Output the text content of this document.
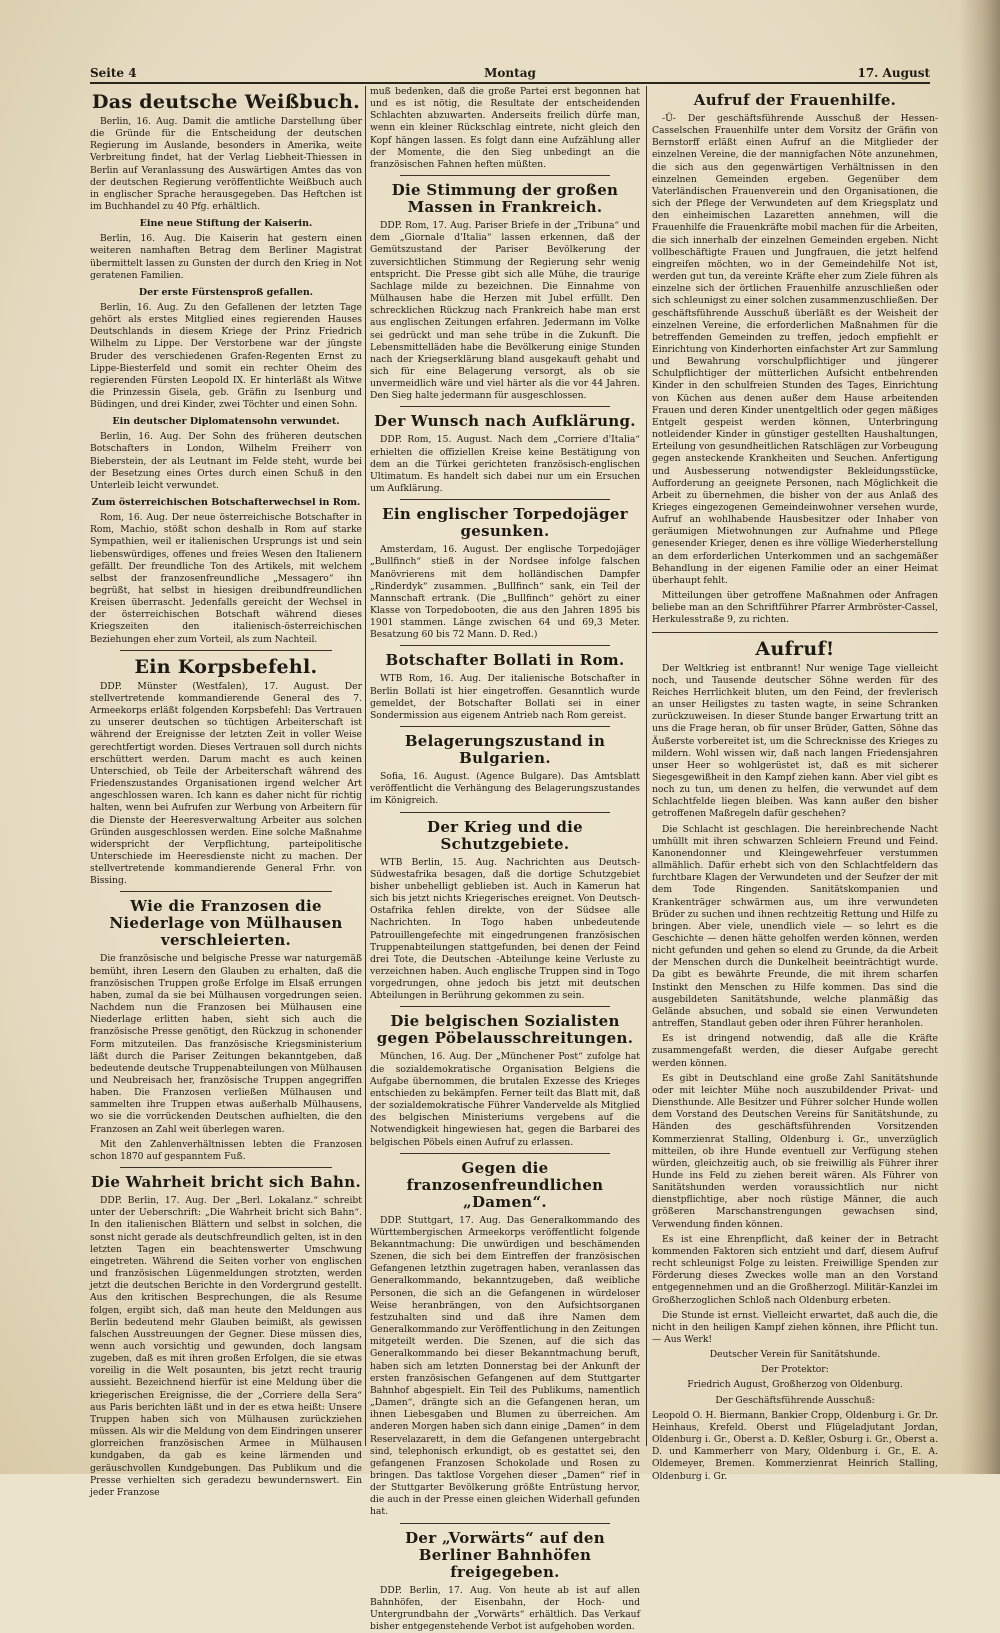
Seite 4	Montag	17. August
Das deutsche Weißbuch.

Berlin, 16. Aug. Damit die amtliche Darstellung über die Gründe für die Entscheidung der deutschen Regierung im Auslande, besonders in Amerika, weite Verbreitung findet, hat der Verlag Liebheit-Thiessen in Berlin auf Veranlassung des Auswärtigen Amtes das von der deutschen Regierung veröffentlichte Weißbuch auch in englischer Sprache herausgegeben. Das Heftchen ist im Buchhandel zu 40 Pfg. erhältlich.

Eine neue Stiftung der Kaiserin.

Berlin, 16. Aug. Die Kaiserin hat gestern einen weiteren namhaften Betrag dem Berliner Magistrat übermittelt lassen zu Gunsten der durch den Krieg in Not geratenen Familien.

Der erste Fürstensproß gefallen.

Berlin, 16. Aug. Zu den Gefallenen der letzten Tage gehört als erstes Mitglied eines regierenden Hauses Deutschlands in diesem Kriege der Prinz Friedrich Wilhelm zu Lippe. Der Verstorbene war der jüngste Bruder des verschiedenen Grafen-Regenten Ernst zu Lippe-Biesterfeld und somit ein rechter Oheim des regierenden Fürsten Leopold IX. Er hinterläßt als Witwe die Prinzessin Gisela, geb. Gräfin zu Isenburg und Büdingen, und drei Kinder, zwei Töchter und einen Sohn.

Ein deutscher Diplomatensohn verwundet.

Berlin, 16. Aug. Der Sohn des früheren deutschen Botschafters in London, Wilhelm Freiherr von Bieberstein, der als Leutnant im Felde steht, wurde bei der Besetzung eines Ortes durch einen Schuß in den Unterleib leicht verwundet.

Zum österreichischen Botschafterwechsel in Rom.

Rom, 16. Aug. Der neue österreichische Botschafter in Rom, Machio, stößt schon deshalb in Rom auf starke Sympathien, weil er italienischen Ursprungs ist und sein liebenswürdiges, offenes und freies Wesen den Italienern gefällt. Der freundliche Ton des Artikels, mit welchem selbst der franzosenfreundliche „Messagero“ ihn begrüßt, hat selbst in hiesigen dreibundfreundlichen Kreisen überrascht. Jedenfalls gereicht der Wechsel in der österreichischen Botschaft während dieses Kriegszeiten den italienisch-österreichischen Beziehungen eher zum Vorteil, als zum Nachteil.

Ein Korpsbefehl.

DDP. Münster (Westfalen), 17. August. Der stellvertretende kommandierende General des 7. Armeekorps erläßt folgenden Korpsbefehl: Das Vertrauen zu unserer deutschen so tüchtigen Arbeiterschaft ist während der Ereignisse der letzten Zeit in voller Weise gerechtfertigt worden. Dieses Vertrauen soll durch nichts erschüttert werden. Darum macht es auch keinen Unterschied, ob Teile der Arbeiterschaft während des Friedenszustandes Organisationen irgend welcher Art angeschlossen waren. Ich kann es daher nicht für richtig halten, wenn bei Aufrufen zur Werbung von Arbeitern für die Dienste der Heeresverwaltung Arbeiter aus solchen Gründen ausgeschlossen werden. Eine solche Maßnahme widerspricht der Verpflichtung, parteipolitische Unterschiede im Heeresdienste nicht zu machen. Der stellvertretende kommandierende General Frhr. von Bissing.

Wie die Franzosen die Niederlage von Mülhausen verschleierten.

Die französische und belgische Presse war naturgemäß bemüht, ihren Lesern den Glauben zu erhalten, daß die französischen Truppen große Erfolge im Elsaß errungen haben, zumal da sie bei Mülhausen vorgedrungen seien. Nachdem nun die Franzosen bei Mülhausen eine Niederlage erlitten haben, sieht sich auch die französische Presse genötigt, den Rückzug in schonender Form mitzuteilen. Das französische Kriegsministerium läßt durch die Pariser Zeitungen bekanntgeben, daß bedeutende deutsche Truppenabteilungen von Mülhausen und Neubreisach her, französische Truppen angegriffen haben. Die Franzosen verließen Mülhausen und sammelten ihre Truppen etwas außerhalb Mülhausens, wo sie die vorrückenden Deutschen aufhielten, die den Franzosen an Zahl weit überlegen waren.

Mit den Zahlenverhältnissen lebten die Franzosen schon 1870 auf gespanntem Fuß.

Die Wahrheit bricht sich Bahn.

DDP. Berlin, 17. Aug. Der „Berl. Lokalanz.“ schreibt unter der Ueberschrift: „Die Wahrheit bricht sich Bahn“. In den italienischen Blättern und selbst in solchen, die sonst nicht gerade als deutschfreundlich gelten, ist in den letzten Tagen ein beachtenswerter Umschwung eingetreten. Während die Seiten vorher von englischen und französischen Lügenmeldungen strotzten, werden jetzt die deutschen Berichte in den Vordergrund gestellt. Aus den kritischen Besprechungen, die als Resume folgen, ergibt sich, daß man heute den Meldungen aus Berlin bedeutend mehr Glauben beimißt, als gewissen falschen Ausstreuungen der Gegner. Diese müssen dies, wenn auch vorsichtig und gewunden, doch langsam zugeben, daß es mit ihren großen Erfolgen, die sie etwas voreilig in die Welt posaunten, bis jetzt recht traurig aussieht. Bezeichnend hierfür ist eine Meldung über die kriegerischen Ereignisse, die der „Corriere della Sera“ aus Paris berichten läßt und in der es etwa heißt: Unsere Truppen haben sich von Mülhausen zurückziehen müssen. Als wir die Meldung von dem Eindringen unserer glorreichen französischen Armee in Mülhausen kundgaben, da gab es keine lärmenden und geräuschvollen Kundgebungen. Das Publikum und die Presse verhielten sich geradezu bewundernswert. Ein jeder Franzose

muß bedenken, daß die große Partei erst begonnen hat und es ist nötig, die Resultate der entscheidenden Schlachten abzuwarten. Anderseits freilich dürfe man, wenn ein kleiner Rückschlag eintrete, nicht gleich den Kopf hängen lassen. Es folgt dann eine Aufzählung aller der Momente, die den Sieg unbedingt an die französischen Fahnen heften müßten.

Die Stimmung der großen Massen in Frankreich.

DDP. Rom, 17. Aug. Pariser Briefe in der „Tribuna“ und dem „Giornale d'Italia“ lassen erkennen, daß der Gemütszustand der Pariser Bevölkerung der zuversichtlichen Stimmung der Regierung sehr wenig entspricht. Die Presse gibt sich alle Mühe, die traurige Sachlage milde zu bezeichnen. Die Einnahme von Mülhausen habe die Herzen mit Jubel erfüllt. Den schrecklichen Rückzug nach Frankreich habe man erst aus englischen Zeitungen erfahren. Jedermann im Volke sei gedrückt und man sehe trübe in die Zukunft. Die Lebensmittelläden habe die Bevölkerung einige Stunden nach der Kriegserklärung bland ausgekauft gehabt und sich für eine Belagerung versorgt, als ob sie unvermeidlich wäre und viel härter als die vor 44 Jahren. Den Sieg halte jedermann für ausgeschlossen.

Der Wunsch nach Aufklärung.

DDP. Rom, 15. August. Nach dem „Corriere d'Italia“ erhielten die offiziellen Kreise keine Bestätigung von dem an die Türkei gerichteten französisch-englischen Ultimatum. Es handelt sich dabei nur um ein Ersuchen um Aufklärung.

Ein englischer Torpedojäger gesunken.

Amsterdam, 16. August. Der englische Torpedojäger „Bullfinch“ stieß in der Nordsee infolge falschen Manövrierens mit dem holländischen Dampfer „Rinderdyk“ zusammen. „Bullfinch“ sank, ein Teil der Mannschaft ertrank. (Die „Bullfinch“ gehört zu einer Klasse von Torpedobooten, die aus den Jahren 1895 bis 1901 stammen. Länge zwischen 64 und 69,3 Meter. Besatzung 60 bis 72 Mann. D. Red.)

Botschafter Bollati in Rom.

WTB Rom, 16. Aug. Der italienische Botschafter in Berlin Bollati ist hier eingetroffen. Gesanntlich wurde gemeldet, der Botschafter Bollati sei in einer Sondermission aus eigenem Antrieb nach Rom gereist.

Belagerungszustand in Bulgarien.

Sofia, 16. August. (Agence Bulgare). Das Amtsblatt veröffentlicht die Verhängung des Belagerungszustandes im Königreich.

Der Krieg und die Schutzgebiete.

WTB Berlin, 15. Aug. Nachrichten aus Deutsch-Südwestafrika besagen, daß die dortige Schutzgebiet bisher unbehelligt geblieben ist. Auch in Kamerun hat sich bis jetzt nichts Kriegerisches ereignet. Von Deutsch-Ostafrika fehlen direkte, von der Südsee alle Nachrichten. In Togo haben unbedeutende Patrouillengefechte mit eingedrungenen französischen Truppenabteilungen stattgefunden, bei denen der Feind drei Tote, die Deutschen -Abteilunge keine Verluste zu verzeichnen haben. Auch englische Truppen sind in Togo vorgedrungen, ohne jedoch bis jetzt mit deutschen Abteilungen in Berührung gekommen zu sein.

Die belgischen Sozialisten gegen Pöbelausschreitungen.

München, 16. Aug. Der „Münchener Post“ zufolge hat die sozialdemokratische Organisation Belgiens die Aufgabe übernommen, die brutalen Exzesse des Krieges entschieden zu bekämpfen. Ferner teilt das Blatt mit, daß der sozialdemokratische Führer Vandervelde als Mitglied des belgischen Ministeriums vergebens auf die Notwendigkeit hingewiesen hat, gegen die Barbarei des belgischen Pöbels einen Aufruf zu erlassen.

Gegen die franzosenfreundlichen „Damen“.

DDP. Stuttgart, 17. Aug. Das Generalkommando des Württembergischen Armeekorps veröffentlicht folgende Bekanntmachung: Die unwürdigen und beschämenden Szenen, die sich bei dem Eintreffen der französischen Gefangenen letzthin zugetragen haben, veranlassen das Generalkommando, bekanntzugeben, daß weibliche Personen, die sich an die Gefangenen in würdeloser Weise heranbrängen, von den Aufsichtsorganen festzuhalten sind und daß ihre Namen dem Generalkommando zur Veröffentlichung in den Zeitungen mitgeteilt werden. Die Szenen, auf die sich das Generalkommando bei dieser Bekanntmachung beruft, haben sich am letzten Donnerstag bei der Ankunft der ersten französischen Gefangenen auf dem Stuttgarter Bahnhof abgespielt. Ein Teil des Publikums, namentlich „Damen“, drängte sich an die Gefangenen heran, um ihnen Liebesgaben und Blumen zu überreichen. Am anderen Morgen haben sich dann einige „Damen“ in dem Reservelazarett, in dem die Gefangenen untergebracht sind, telephonisch erkundigt, ob es gestattet sei, den gefangenen Franzosen Schokolade und Rosen zu bringen. Das taktlose Vorgehen dieser „Damen“ rief in der Stuttgarter Bevölkerung größte Entrüstung hervor, die auch in der Presse einen gleichen Widerhall gefunden hat.

Der „Vorwärts“ auf den Berliner Bahnhöfen freigegeben.

DDP. Berlin, 17. Aug. Von heute ab ist auf allen Bahnhöfen, der Eisenbahn, der Hoch- und Untergrundbahn der „Vorwärts“ erhältlich. Das Verkauf bisher entgegenstehende Verbot ist aufgehoben worden.

Aufruf der Frauenhilfe.

-Ü- Der geschäftsführende Ausschuß der Hessen-Casselschen Frauenhilfe unter dem Vorsitz der Gräfin von Bernstorff erläßt einen Aufruf an die Mitglieder der einzelnen Vereine, die der mannigfachen Nöte anzunehmen, die sich aus den gegenwärtigen Verhältnissen in den einzelnen Gemeinden ergeben. Gegenüber dem Vaterländischen Frauenverein und den Organisationen, die sich der Pflege der Verwundeten auf dem Kriegsplatz und den einheimischen Lazaretten annehmen, will die Frauenhilfe die Frauenkräfte mobil machen für die Arbeiten, die sich innerhalb der einzelnen Gemeinden ergeben. Nicht vollbeschäftigte Frauen und Jungfrauen, die jetzt helfend eingreifen möchten, wo in der Gemeindehilfe Not ist, werden gut tun, da vereinte Kräfte eher zum Ziele führen als einzelne sich der örtlichen Frauenhilfe anzuschließen oder sich schleunigst zu einer solchen zusammenzuschließen. Der geschäftsführende Ausschuß überläßt es der Weisheit der einzelnen Vereine, die erforderlichen Maßnahmen für die betreffenden Gemeinden zu treffen, jedoch empfiehlt er Einrichtung von Kinderhorten einfachster Art zur Sammlung und Bewahrung vorschulpflichtiger und jüngerer Schulpflichtiger der mütterlichen Aufsicht entbehrenden Kinder in den schulfreien Stunden des Tages, Einrichtung von Küchen aus denen außer dem Hause arbeitenden Frauen und deren Kinder unentgeltlich oder gegen mäßiges Entgelt gespeist werden können, Unterbringung notleidender Kinder in günstiger gestellten Haushaltungen, Erteilung von gesundheitlichen Ratschlägen zur Vorbeugung gegen ansteckende Krankheiten und Seuchen. Anfertigung und Ausbesserung notwendigster Bekleidungsstücke, Aufforderung an geeignete Personen, nach Möglichkeit die Arbeit zu übernehmen, die bisher von der aus Anlaß des Krieges eingezogenen Gemeindeinwohner versehen wurde, Aufruf an wohlhabende Hausbesitzer oder Inhaber von geräumigen Mietwohnungen zur Aufnahme und Pflege genesender Krieger, denen es ihre völlige Wiederherstellung an dem erforderlichen Unterkommen und an sachgemäßer Behandlung in der eigenen Familie oder an einer Heimat überhaupt fehlt.

Mitteilungen über getroffene Maßnahmen oder Anfragen beliebe man an den Schriftführer Pfarrer Armbröster-Cassel, Herkulesstraße 9, zu richten.

Aufruf!

Der Weltkrieg ist entbrannt! Nur wenige Tage vielleicht noch, und Tausende deutscher Söhne werden für des Reiches Herrlichkeit bluten, um den Feind, der frevlerisch an unser Heiligstes zu tasten wagte, in seine Schranken zurückzuweisen. In dieser Stunde banger Erwartung tritt an uns die Frage heran, ob für unser Brüder, Gatten, Söhne das Äußerste vorbereitet ist, um die Schrecknisse des Krieges zu mildern. Wohl wissen wir, daß nach langen Friedensjahren unser Heer so wohlgerüstet ist, daß es mit sicherer Siegesgewißheit in den Kampf ziehen kann. Aber viel gibt es noch zu tun, um denen zu helfen, die verwundet auf dem Schlachtfelde liegen bleiben. Was kann außer den bisher getroffenen Maßregeln dafür geschehen?

Die Schlacht ist geschlagen. Die hereinbrechende Nacht umhüllt mit ihren schwarzen Schleiern Freund und Feind. Kanonendonner und Kleingewehrfeuer verstummen allmählich. Dafür erhebt sich von den Schlachtfeldern das furchtbare Klagen der Verwundeten und der Seufzer der mit dem Tode Ringenden. Sanitätskompanien und Krankenträger schwärmen aus, um ihre verwundeten Brüder zu suchen und ihnen rechtzeitig Rettung und Hilfe zu bringen. Aber viele, unendlich viele — so lehrt es die Geschichte — denen hätte geholfen werden können, werden nicht gefunden und gehen so elend zu Grunde, da die Arbeit der Menschen durch die Dunkelheit beeinträchtigt wurde. Da gibt es bewährte Freunde, die mit ihrem scharfen Instinkt den Menschen zu Hilfe kommen. Das sind die ausgebildeten Sanitätshunde, welche planmäßig das Gelände absuchen, und sobald sie einen Verwundeten antreffen, Standlaut geben oder ihren Führer heranholen.

Es ist dringend notwendig, daß alle die Kräfte zusammengefaßt werden, die dieser Aufgabe gerecht werden können.

Es gibt in Deutschland eine große Zahl Sanitätshunde oder mit leichter Mühe noch auszubildender Privat- und Diensthunde. Alle Besitzer und Führer solcher Hunde wollen dem Vorstand des Deutschen Vereins für Sanitätshunde, zu Händen des geschäftsführenden Vorsitzenden Kommerzienrat Stalling, Oldenburg i. Gr., unverzüglich mitteilen, ob ihre Hunde eventuell zur Verfügung stehen würden, gleichzeitig auch, ob sie freiwillig als Führer ihrer Hunde ins Feld zu ziehen bereit wären. Als Führer von Sanitätshunden werden voraussichtlich nur nicht dienstpflichtige, aber noch rüstige Männer, die auch größeren Marschanstrengungen gewachsen sind, Verwendung finden können.

Es ist eine Ehrenpflicht, daß keiner der in Betracht kommenden Faktoren sich entzieht und darf, diesem Aufruf recht schleunigst Folge zu leisten. Freiwillige Spenden zur Förderung dieses Zweckes wolle man an den Vorstand entgegennehmen und an die Großherzogl. Militär-Kanzlei im Großherzoglichen Schloß nach Oldenburg erbeten.

Die Stunde ist ernst. Vielleicht erwartet, daß auch die, die nicht in den heiligen Kampf ziehen können, ihre Pflicht tun. — Aus Werk!

Deutscher Verein für Sanitätshunde.

Der Protektor:

Friedrich August, Großherzog von Oldenburg.

Der Geschäftsführende Ausschuß:

Leopold O. H. Biermann, Bankier Cropp, Oldenburg i. Gr. Dr. Heinhaus, Krefeld. Oberst und Flügeladjutant Jordan, Oldenburg i. Gr., Oberst a. D. Keßler, Osburg i. Gr., Oberst a. D. und Kammerherr von Mary, Oldenburg i. Gr., E. A. Oldemeyer, Bremen. Kommerzienrat Heinrich Stalling, Oldenburg i. Gr.
